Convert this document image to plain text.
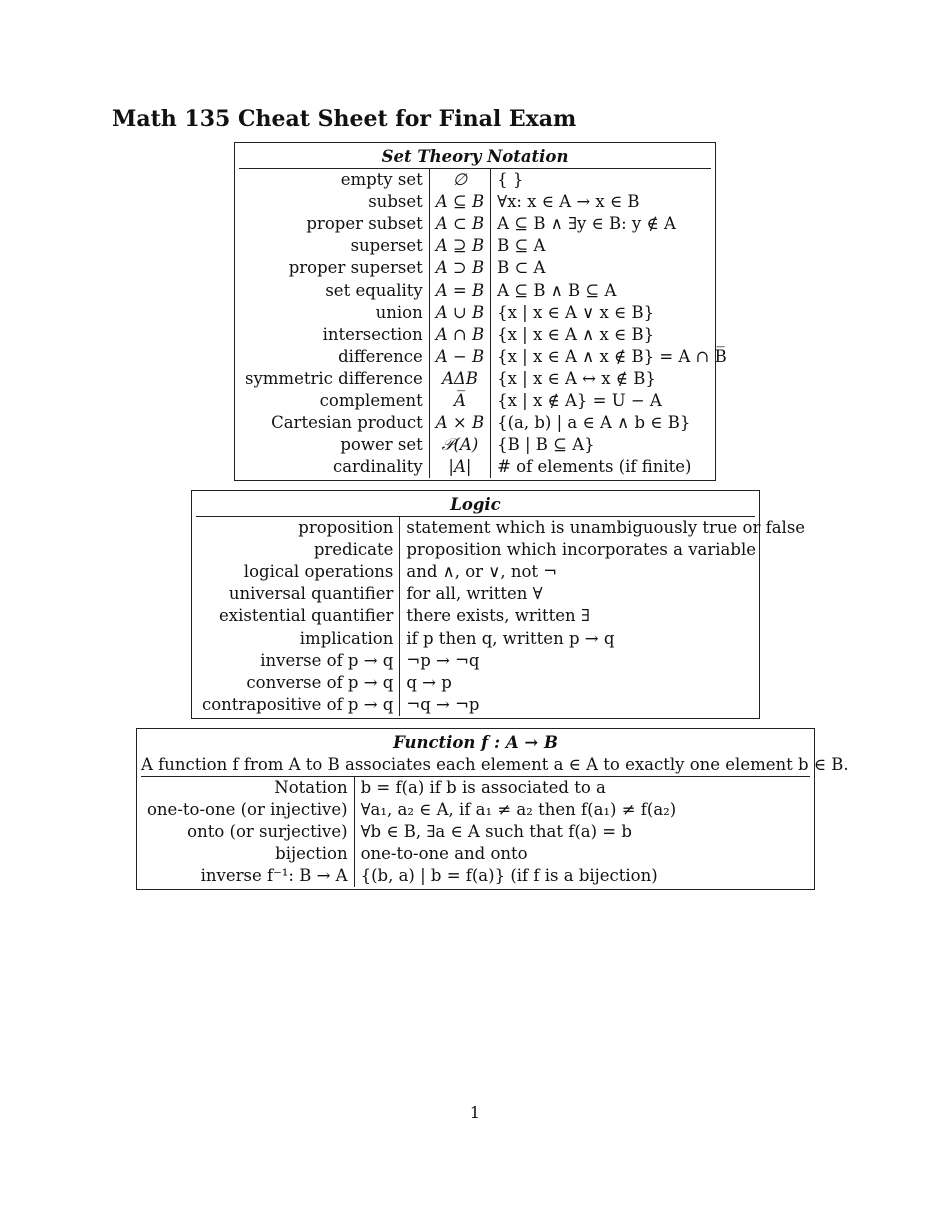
Math 135 Cheat Sheet for Final Exam
Set Theory Notation
empty set	∅	{ }
subset	A ⊆ B	∀x: x ∈ A → x ∈ B
proper subset	A ⊂ B	A ⊆ B ∧ ∃y ∈ B: y ∉ A
superset	A ⊇ B	B ⊆ A
proper superset	A ⊃ B	B ⊂ A
set equality	A = B	A ⊆ B ∧ B ⊆ A
union	A ∪ B	{x | x ∈ A ∨ x ∈ B}
intersection	A ∩ B	{x | x ∈ A ∧ x ∈ B}
difference	A − B	{x | x ∈ A ∧ x ∉ B} = A ∩ B̅
symmetric difference	AΔB	{x | x ∈ A ↔ x ∉ B}
complement	A̅	{x | x ∉ A} = U − A
Cartesian product	A × B	{(a, b) | a ∈ A ∧ b ∈ B}
power set	𝒫(A)	{B | B ⊆ A}
cardinality	|A|	# of elements (if finite)
Logic
proposition	statement which is unambiguously true or false
predicate	proposition which incorporates a variable
logical operations	and ∧, or ∨, not ¬
universal quantifier	for all, written ∀
existential quantifier	there exists, written ∃
implication	if p then q, written p → q
inverse of p → q	¬p → ¬q
converse of p → q	q → p
contrapositive of p → q	¬q → ¬p
Function f : A → B
A function f from A to B associates each element a ∈ A to exactly one element b ∈ B.
Notation	b = f(a) if b is associated to a
one-to-one (or injective)	∀a₁, a₂ ∈ A, if a₁ ≠ a₂ then f(a₁) ≠ f(a₂)
onto (or surjective)	∀b ∈ B, ∃a ∈ A such that f(a) = b
bijection	one-to-one and onto
inverse f⁻¹: B → A	{(b, a) | b = f(a)} (if f is a bijection)
1
